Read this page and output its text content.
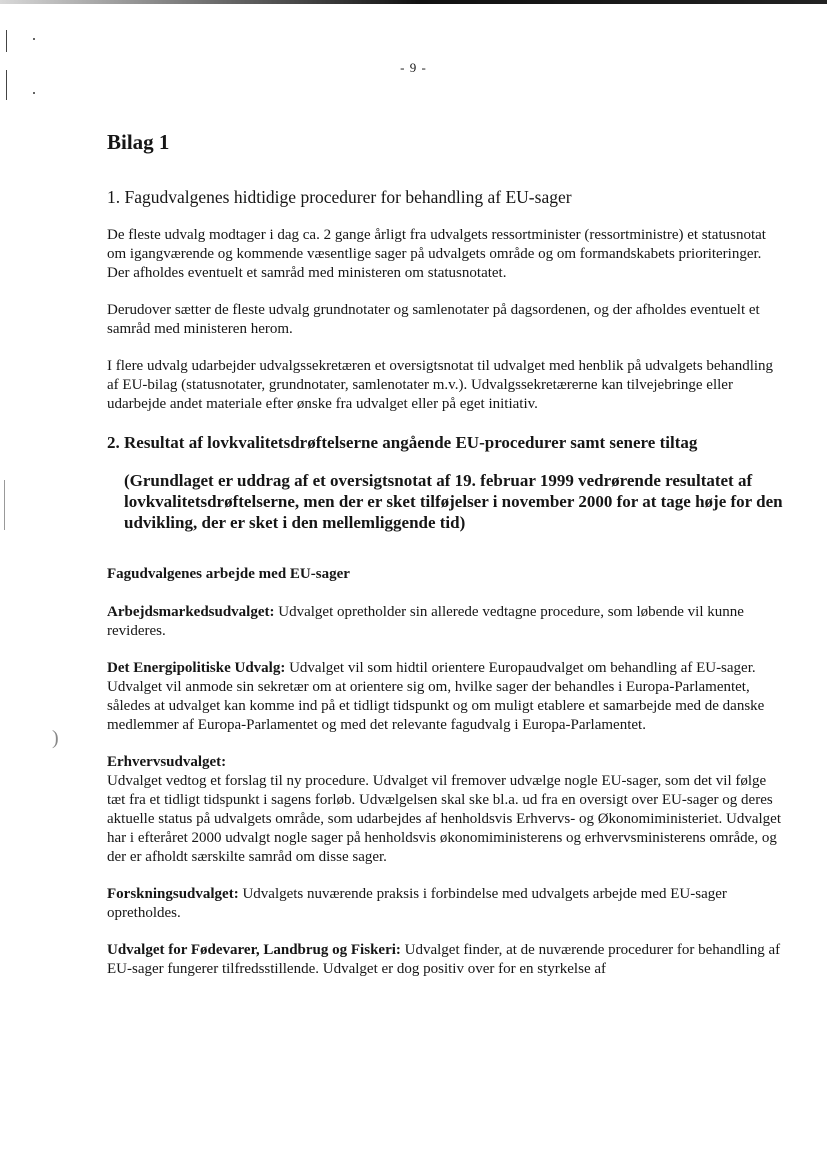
)
- 9 -
Bilag 1
1. Fagudvalgenes hidtidige procedurer for behandling af EU-sager

De fleste udvalg modtager i dag ca. 2 gange årligt fra udvalgets ressortminister (ressortministre) et statusnotat om igangværende og kommende væsentlige sager på udvalgets område og om formandskabets prioriteringer. Der afholdes eventuelt et samråd med ministeren om statusnotatet.

Derudover sætter de fleste udvalg grundnotater og samlenotater på dagsordenen, og der afholdes eventuelt et samråd med ministeren herom.

I flere udvalg udarbejder udvalgssekretæren et oversigtsnotat til udvalget med henblik på udvalgets behandling af EU-bilag (statusnotater, grundnotater, samlenotater m.v.). Udvalgssekretærerne kan tilvejebringe eller udarbejde andet materiale efter ønske fra udvalget eller på eget initiativ.

2. Resultat af lovkvalitetsdrøftelserne angående EU-procedurer samt senere tiltag
(Grundlaget er uddrag af et oversigtsnotat af 19. februar 1999 vedrørende resultatet af lovkvalitetsdrøftelserne, men der er sket tilføjelser i november 2000 for at tage høje for den udvikling, der er sket i den mellemliggende tid)
Fagudvalgenes arbejde med EU-sager

Arbejdsmarkedsudvalget: Udvalget opretholder sin allerede vedtagne procedure, som løbende vil kunne revideres.

Det Energipolitiske Udvalg: Udvalget vil som hidtil orientere Europaudvalget om behandling af EU-sager. Udvalget vil anmode sin sekretær om at orientere sig om, hvilke sager der behandles i Europa-Parlamentet, således at udvalget kan komme ind på et tidligt tidspunkt og om muligt etablere et samarbejde med de danske medlemmer af Europa-Parlamentet og med det relevante fagudvalg i Europa-Parlamentet.

Erhvervsudvalget:
Udvalget vedtog et forslag til ny procedure. Udvalget vil fremover udvælge nogle EU-sager, som det vil følge tæt fra et tidligt tidspunkt i sagens forløb. Udvælgelsen skal ske bl.a. ud fra en oversigt over EU-sager og deres aktuelle status på udvalgets område, som udarbejdes af henholdsvis Erhvervs- og Økonomiministeriet. Udvalget har i efteråret 2000 udvalgt nogle sager på henholdsvis økonomiministerens og erhvervsministerens område, og der er afholdt særskilte samråd om disse sager.

Forskningsudvalget: Udvalgets nuværende praksis i forbindelse med udvalgets arbejde med EU-sager opretholdes.

Udvalget for Fødevarer, Landbrug og Fiskeri: Udvalget finder, at de nuværende procedurer for behandling af EU-sager fungerer tilfredsstillende. Udvalget er dog positiv over for en styrkelse af
